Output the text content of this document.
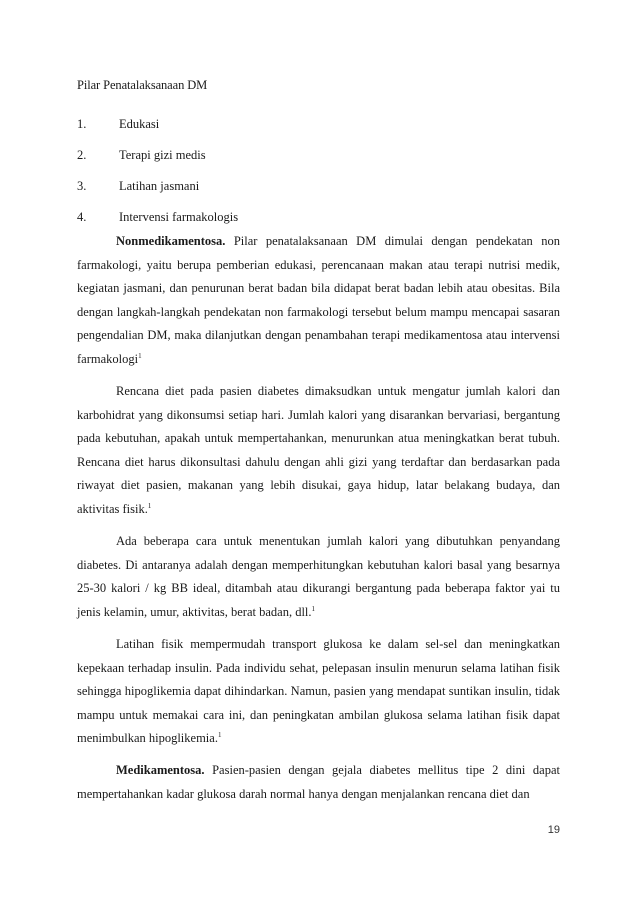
Pilar Penatalaksanaan DM
1.	Edukasi
2.	Terapi gizi medis
3.	Latihan jasmani
4.	Intervensi farmakologis

Nonmedikamentosa. Pilar penatalaksanaan DM dimulai dengan pendekatan non farmakologi, yaitu berupa pemberian edukasi, perencanaan makan atau terapi nutrisi medik, kegiatan jasmani, dan penurunan berat badan bila didapat berat badan lebih atau obesitas. Bila dengan langkah-langkah pendekatan non farmakologi tersebut belum mampu mencapai sasaran pengendalian DM, maka dilanjutkan dengan penambahan terapi medikamentosa atau intervensi farmakologi$^1$

Rencana diet pada pasien diabetes dimaksudkan untuk mengatur jumlah kalori dan karbohidrat yang dikonsumsi setiap hari. Jumlah kalori yang disarankan bervariasi, bergantung pada kebutuhan, apakah untuk mempertahankan, menurunkan atua meningkatkan berat tubuh. Rencana diet harus dikonsultasi dahulu dengan ahli gizi yang terdaftar dan berdasarkan pada riwayat diet pasien, makanan yang lebih disukai, gaya hidup, latar belakang budaya, dan aktivitas fisik.$^1$

Ada beberapa cara untuk menentukan jumlah kalori yang dibutuhkan penyandang diabetes. Di antaranya adalah dengan memperhitungkan kebutuhan kalori basal yang besarnya 25-30 kalori / kg BB ideal, ditambah atau dikurangi bergantung pada beberapa faktor yai tu jenis kelamin, umur, aktivitas, berat badan, dll.$^1$

Latihan fisik mempermudah transport glukosa ke dalam sel-sel dan meningkatkan kepekaan terhadap insulin. Pada individu sehat, pelepasan insulin menurun selama latihan fisik sehingga hipoglikemia dapat dihindarkan. Namun, pasien yang mendapat suntikan insulin, tidak mampu untuk memakai cara ini, dan peningkatan ambilan glukosa selama latihan fisik dapat menimbulkan hipoglikemia.$^1$

Medikamentosa. Pasien-pasien dengan gejala diabetes mellitus tipe 2 dini dapat mempertahankan kadar glukosa darah normal hanya dengan menjalankan rencana diet dan

19
